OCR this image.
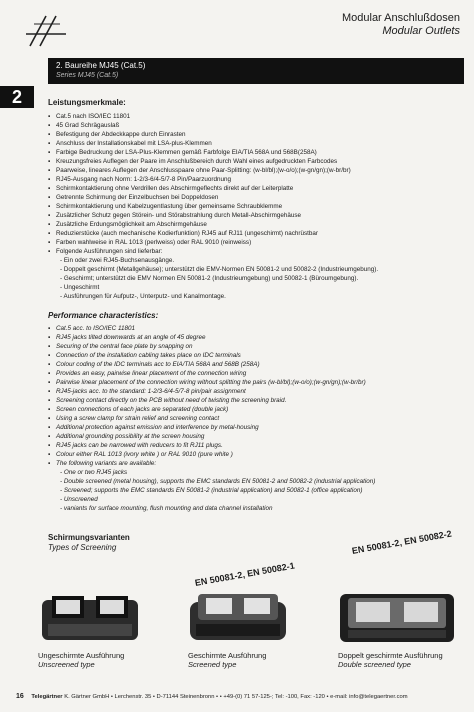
Modular Anschlußdosen
Modular Outlets
2. Baureihe MJ45 (Cat.5)
Series MJ45 (Cat.5)
2	Leistungsmerkmale:
▪ Cat.5 nach ISO/IEC 11801
▪ 45 Grad Schrägauslaß
▪ Befestigung der Abdeckkappe durch Einrasten
▪ Anschluss der Installationskabel mit LSA-plus-Klemmen
▪ Farbige Bedruckung der LSA-Plus-Klemmen gemäß Farbfolge EIA/TIA 568A und 568B(258A)
▪ Kreuzungsfreies Auflegen der Paare im Anschlußbereich durch Wahl eines aufgedruckten Farbcodes
▪ Paarweise, lineares Auflegen der Anschlusspaare ohne Paar-Splitting: (w-bl/bl);(w-o/o);(w-gn/gn);(w-br/br)
▪ RJ45-Ausgang nach Norm: 1-2/3-6/4-5/7-8 Pin/Paarzuordnung
▪ Schirmkontaktierung ohne Verdrillen des Abschirmgeflechts direkt auf der Leiterplatte
▪ Getrennte Schirmung der Einzelbuchsen bei Doppeldosen
▪ Schirmkontaktierung und Kabelzugentlastung über gemeinsame Schraubklemme
▪ Zusätzlicher Schutz gegen Störein- und Störabstrahlung durch Metall-Abschirmgehäuse
▪ Zusätzliche Erdungsmöglichkeit am Abschirmgehäuse
▪ Reduzierstücke (auch mechanische Kodierfunktion) RJ45 auf RJ11 (ungeschirmt) nachrüstbar
▪ Farben wahlweise in RAL 1013 (perlweiss) oder RAL 9010 (reinweiss)
▪ Folgende Ausführungen sind lieferbar:
- Ein oder zwei RJ45-Buchsenausgänge.
- Doppelt geschirmt (Metallgehäuse); unterstützt die EMV-Normen EN 50081-2 und 50082-2 (Industrieumgebung).
- Geschirmt; unterstützt die EMV Normen EN 50081-2 (Industrieumgebung) und 50082-1 (Büroumgebung).
- Ungeschirmt
- Ausführungen für Aufputz-, Unterputz- und Kanalmontage.
Performance characteristics:
▪ Cat.5 acc. to ISO/IEC 11801
▪ RJ45 jacks tilted downwards at an angle of 45 degree
▪ Securing of the central face plate by snapping on
▪ Connection of the installation cabling takes place on IDC terminals
▪ Colour coding of the IDC terminals acc to EIA/TIA 568A and 568B (258A)
▪ Provides an easy, pairwise linear placement of the connection wiring
▪ Pairwise linear placement of the connection wiring without splitting the pairs (w-bl/bl);(w-o/o);(w-gn/gn);(w-br/br)
▪ RJ45-jacks acc. to the standard: 1-2/3-6/4-5/7-8 pin/pair assignment
▪ Screening contact directly on the PCB without need of twisting the screening braid.
▪ Screen connections of each jacks are separated (double jack)
▪ Using a screw clamp for strain relief and screening contact
▪ Additional protection against emission and interference by metal-housing
▪ Additional grounding possibility at the screen housing
▪ RJ45 jacks can be narrowed with reducers to fit RJ11 plugs.
▪ Colour either RAL 1013 (ivory white ) or RAL 9010 (pure white )
▪ The following variants are available:
- One or two RJ45 jacks
- Double screened (metal housing), supports the EMC standards EN 50081-2 and 50082-2 (industrial application)
- Screened; supports the EMC standards EN 50081-2 (industrial application) and 50082-1 (office application)
- Unscreened
- vaniants for surface mounting, flush mounting and data channel installation
Schirmungsvarianten
Types of Screening	EN 50081-2, EN 50082-2
EN 50081-2, EN 50082-1
Ungeschirmte Ausführung
Unscreened type
Geschirmte Ausführung
Screened type
Doppelt geschirmte Ausführung
Double screened type
16 Telegärtner K. Gärtner GmbH • Lerchenstr. 35 • D-71144 Steinenbronn • • +49-(0) 71 57-125-; Tel: -100, Fax: -120 • e-mail: info@telegaertner.com
